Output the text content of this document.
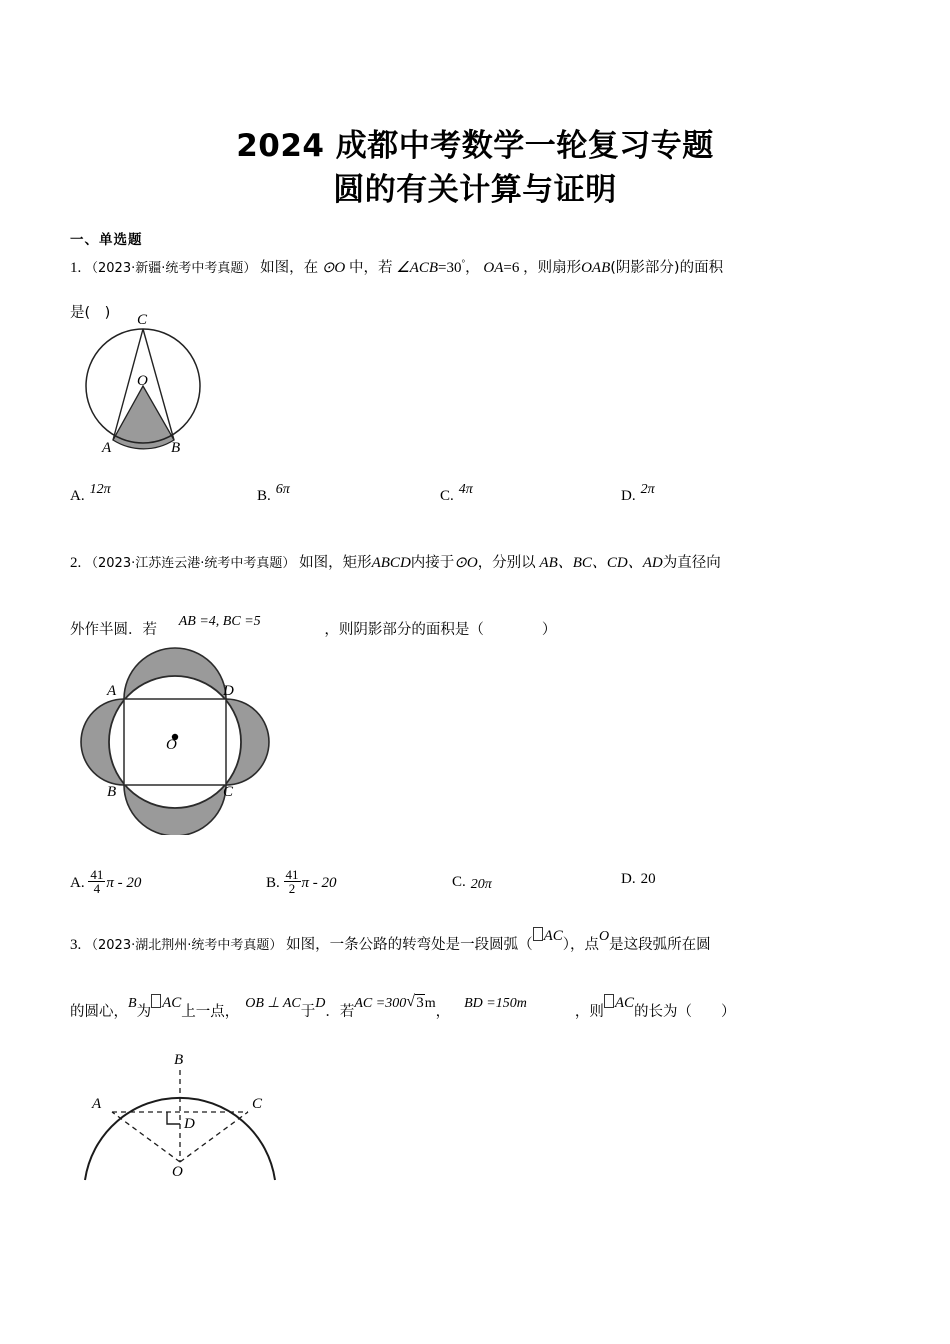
2024 成都中考数学一轮复习专题
圆的有关计算与证明
一、单选题
1. （2023·新疆·统考中考真题） 如图，在 ⊙O 中，若 ∠ACB=30°， OA=6 ，则扇形OAB(阴影部分)的面积
是(　)	C
O
A	B
A. 12π	B. 6π	C. 4π	D. 2π
2. （2023·江苏连云港·统考中考真题） 如图，矩形ABCD内接于⊙O，分别以 AB、BC、CD、AD为直径向
外作半圆．若 AB =4, BC =5 ，则阴影部分的面积是（　　　　）
A	D
B	C
O
A. $\frac{41}{4}$ π - 20	B. $\frac{41}{2}$ π - 20	C. 20π	D. 20
3. （2023·湖北荆州·统考中考真题） 如图，一条公路的转弯处是一段圆弧（AC），点O是这段弧所在圆
的圆心，B为AC上一点，OB ⊥ AC于D．若AC =300 √ 3m，BD =150m，则AC的长为（　　）
B
A	C
D
O
